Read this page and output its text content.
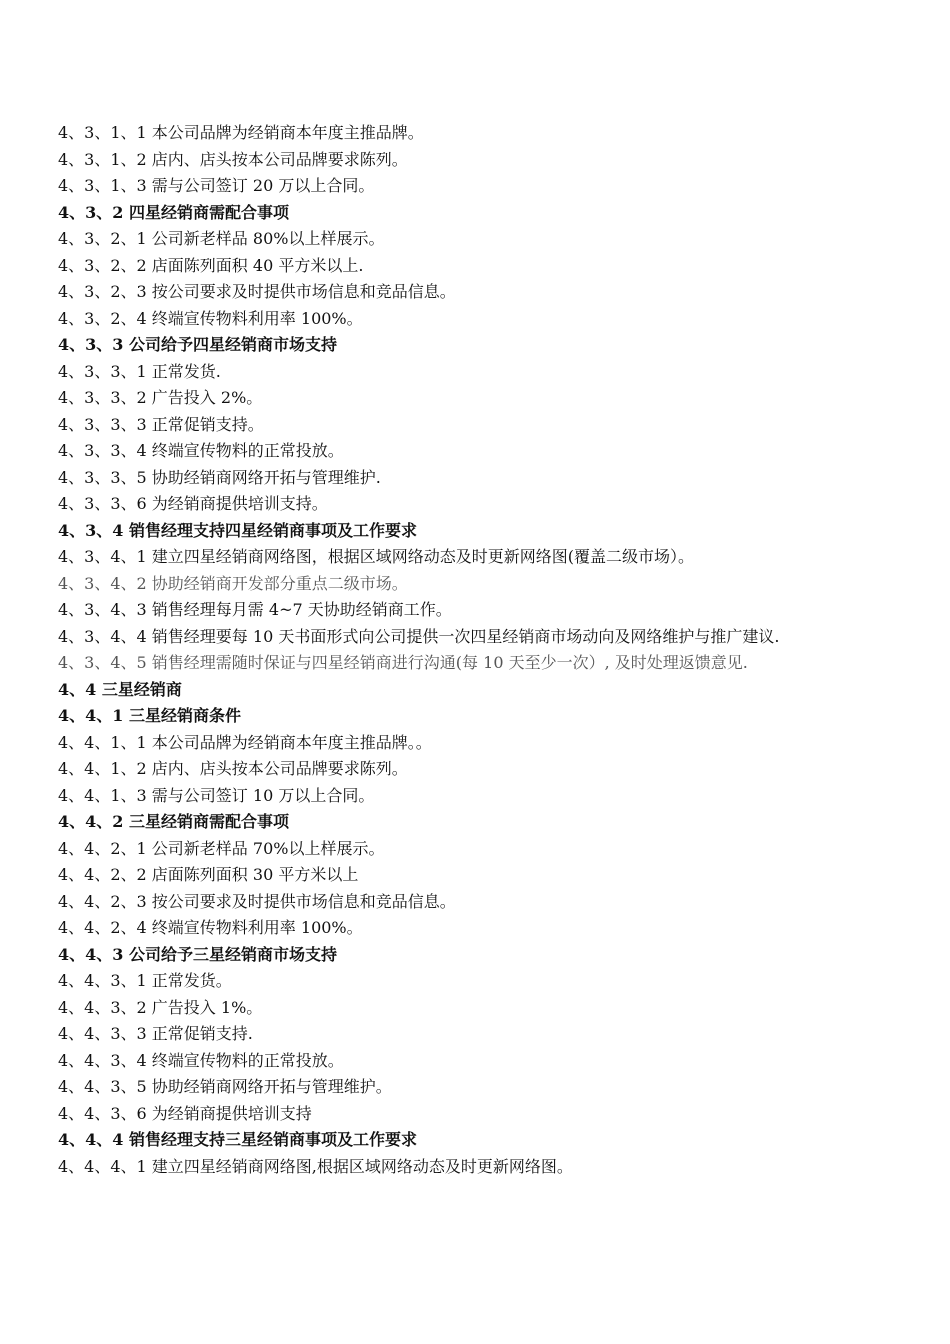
4、3、1、1 本公司品牌为经销商本年度主推品牌。
4、3、1、2 店内、店头按本公司品牌要求陈列。
4、3、1、3 需与公司签订 20 万以上合同。
4、3、2 四星经销商需配合事项
4、3、2、1 公司新老样品 80%以上样展示。
4、3、2、2 店面陈列面积 40 平方米以上.
4、3、2、3 按公司要求及时提供市场信息和竞品信息。
4、3、2、4 终端宣传物料利用率 100%。
4、3、3 公司给予四星经销商市场支持
4、3、3、1 正常发货.
4、3、3、2 广告投入 2%。
4、3、3、3 正常促销支持。
4、3、3、4 终端宣传物料的正常投放。
4、3、3、5 协助经销商网络开拓与管理维护.
4、3、3、6 为经销商提供培训支持。
4、3、4 销售经理支持四星经销商事项及工作要求
4、3、4、1 建立四星经销商网络图，根据区域网络动态及时更新网络图(覆盖二级市场）。
4、3、4、2 协助经销商开发部分重点二级市场。
4、3、4、3 销售经理每月需 4~7 天协助经销商工作。
4、3、4、4 销售经理要每 10 天书面形式向公司提供一次四星经销商市场动向及网络维护与推广建议.
4、3、4、5 销售经理需随时保证与四星经销商进行沟通(每 10 天至少一次）, 及时处理返馈意见.
4、4 三星经销商
4、4、1 三星经销商条件
4、4、1、1 本公司品牌为经销商本年度主推品牌。。
4、4、1、2 店内、店头按本公司品牌要求陈列。
4、4、1、3 需与公司签订 10 万以上合同。
4、4、2 三星经销商需配合事项
4、4、2、1 公司新老样品 70%以上样展示。
4、4、2、2 店面陈列面积 30 平方米以上
4、4、2、3 按公司要求及时提供市场信息和竞品信息。
4、4、2、4 终端宣传物料利用率 100%。
4、4、3 公司给予三星经销商市场支持
4、4、3、1 正常发货。
4、4、3、2 广告投入 1%。
4、4、3、3 正常促销支持.
4、4、3、4 终端宣传物料的正常投放。
4、4、3、5 协助经销商网络开拓与管理维护。
4、4、3、6 为经销商提供培训支持
4、4、4 销售经理支持三星经销商事项及工作要求
4、4、4、1 建立四星经销商网络图,根据区域网络动态及时更新网络图。
